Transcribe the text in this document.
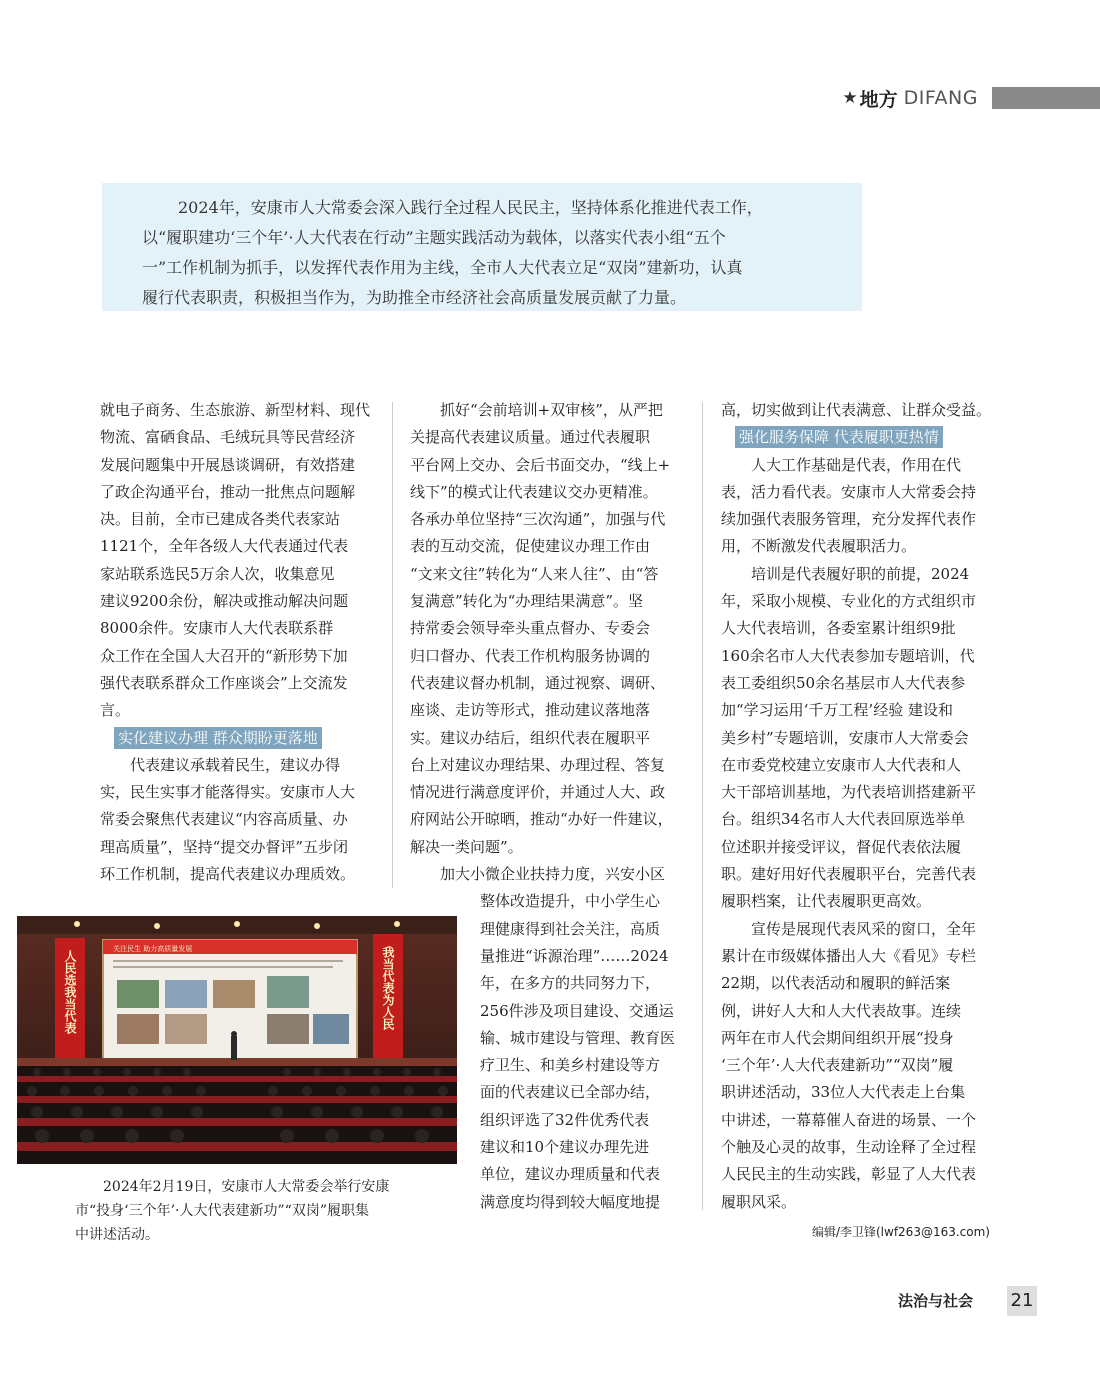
★ 地方 DIFANG
2024年，安康市人大常委会深入践行全过程人民民主，坚持体系化推进代表工作，
以“履职建功‘三个年’·人大代表在行动”主题实践活动为载体，以落实代表小组“五个
一”工作机制为抓手，以发挥代表作用为主线，全市人大代表立足“双岗”建新功，认真
履行代表职责，积极担当作为，为助推全市经济社会高质量发展贡献了力量。
就电子商务、生态旅游、新型材料、现代
物流、富硒食品、毛绒玩具等民营经济
发展问题集中开展恳谈调研，有效搭建
了政企沟通平台，推动一批焦点问题解
决。目前，全市已建成各类代表家站
1121个，全年各级人大代表通过代表
家站联系选民5万余人次，收集意见
建议9200余份，解决或推动解决问题
8000余件。安康市人大代表联系群
众工作在全国人大召开的“新形势下加
强代表联系群众工作座谈会”上交流发
言。
实化建议办理 群众期盼更落地
代表建议承载着民生，建议办得
实，民生实事才能落得实。安康市人大
常委会聚焦代表建议“内容高质量、办
理高质量”，坚持“提交办督评”五步闭
环工作机制，提高代表建议办理质效。
抓好“会前培训+双审核”，从严把
关提高代表建议质量。通过代表履职
平台网上交办、会后书面交办，“线上+
线下”的模式让代表建议交办更精准。
各承办单位坚持“三次沟通”，加强与代
表的互动交流，促使建议办理工作由
“文来文往”转化为“人来人往”、由“答
复满意”转化为“办理结果满意”。坚
持常委会领导牵头重点督办、专委会
归口督办、代表工作机构服务协调的
代表建议督办机制，通过视察、调研、
座谈、走访等形式，推动建议落地落
实。建议办结后，组织代表在履职平
台上对建议办理结果、办理过程、答复
情况进行满意度评价，并通过人大、政
府网站公开晾晒，推动“办好一件建议，
解决一类问题”。
加大小微企业扶持力度，兴安小区
整体改造提升，中小学生心
理健康得到社会关注，高质
量推进“诉源治理”……2024
年，在多方的共同努力下，
256件涉及项目建设、交通运
输、城市建设与管理、教育医
疗卫生、和美乡村建设等方
面的代表建议已全部办结，
组织评选了32件优秀代表
建议和10个建议办理先进
单位，建议办理质量和代表
满意度均得到较大幅度地提
高，切实做到让代表满意、让群众受益。
强化服务保障 代表履职更热情
人大工作基础是代表，作用在代
表，活力看代表。安康市人大常委会持
续加强代表服务管理，充分发挥代表作
用，不断激发代表履职活力。
培训是代表履好职的前提，2024
年，采取小规模、专业化的方式组织市
人大代表培训，各委室累计组织9批
160余名市人大代表参加专题培训，代
表工委组织50余名基层市人大代表参
加“学习运用‘千万工程’经验 建设和
美乡村”专题培训，安康市人大常委会
在市委党校建立安康市人大代表和人
大干部培训基地，为代表培训搭建新平
台。组织34名市人大代表回原选举单
位述职并接受评议，督促代表依法履
职。建好用好代表履职平台，完善代表
履职档案，让代表履职更高效。
宣传是展现代表风采的窗口，全年
累计在市级媒体播出人大《看见》专栏
22期，以代表活动和履职的鲜活案
例，讲好人大和人大代表故事。连续
两年在市人代会期间组织开展“投身
‘三个年’·人大代表建新功”“双岗”履
职讲述活动，33位人大代表走上台集
中讲述，一幕幕催人奋进的场景、一个
个触及心灵的故事，生动诠释了全过程
人民民主的生动实践，彰显了人大代表
履职风采。
关注民生 助力高质量发展
人民选我当代表	我当代表为人民
2024年2月19日，安康市人大常委会举行安康
市“投身‘三个年’·人大代表建新功”“双岗”履职集
中讲述活动。	编辑/李卫锋(lwf263@163.com)
法治与社会 21
